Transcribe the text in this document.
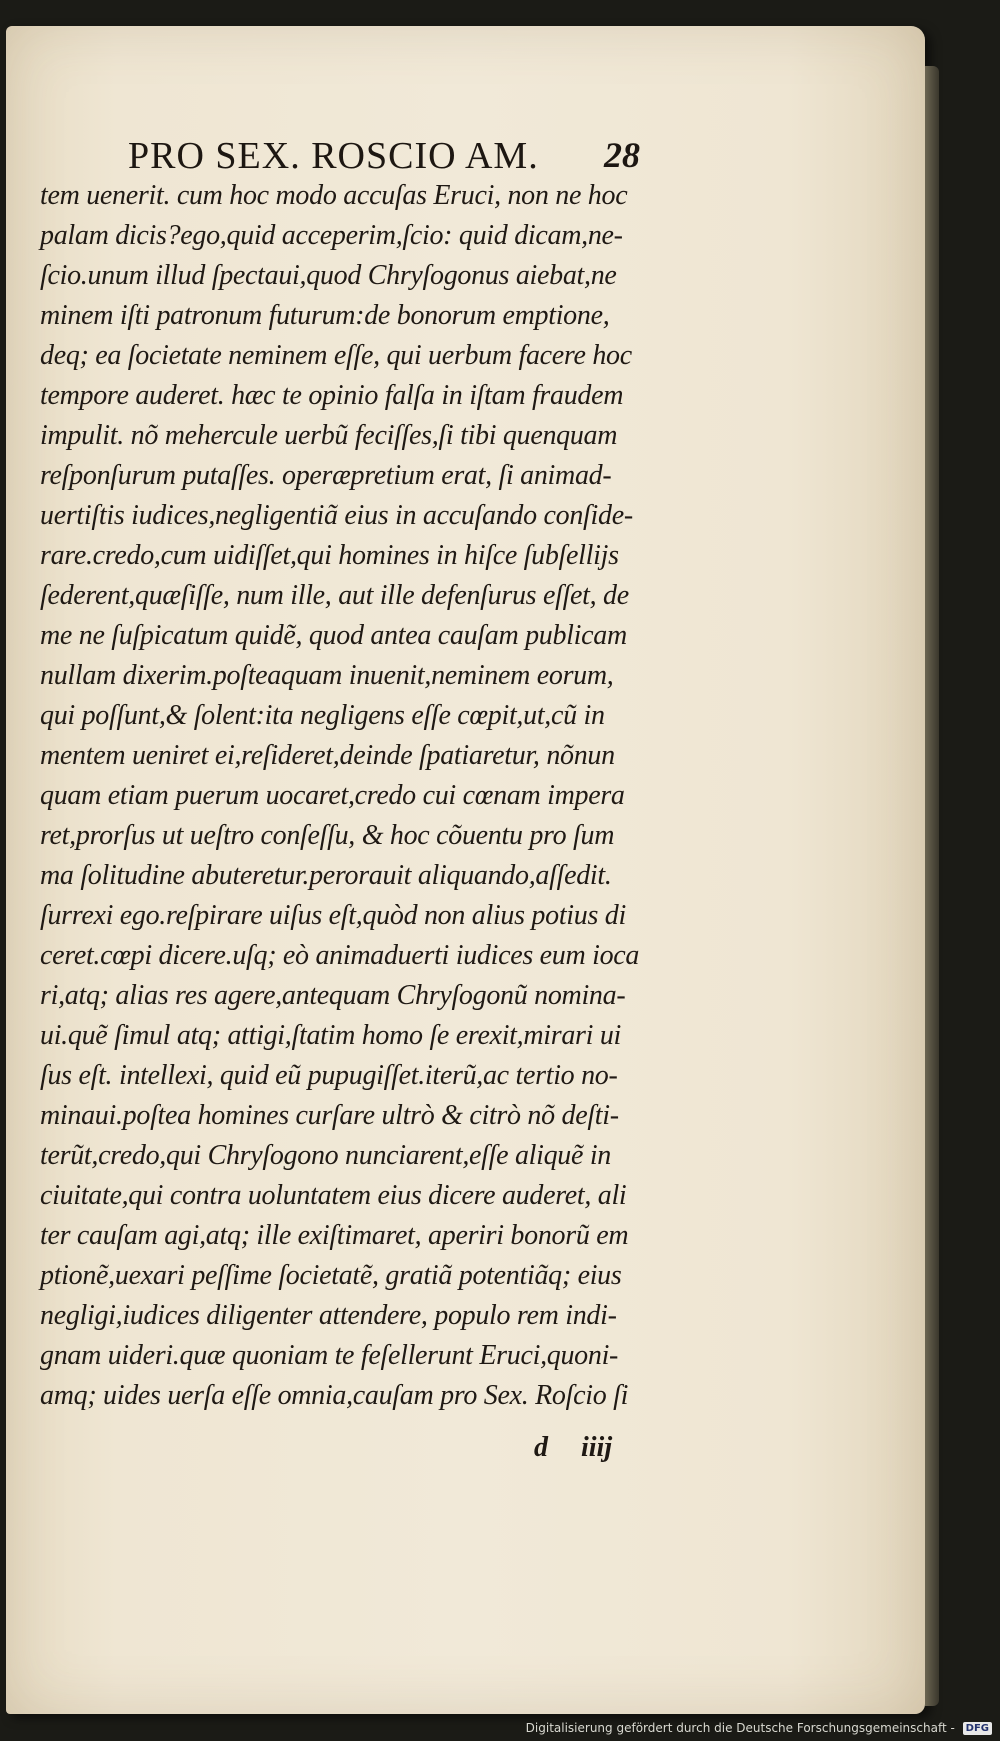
PRO SEX. ROSCIO AM.	28
tem uenerit. cum hoc modo accuſas Eruci, non ne hoc
palam dicis?ego,quid acceperim,ſcio: quid dicam,ne-
ſcio.unum illud ſpectaui,quod Chryſogonus aiebat,ne
minem iſti patronum futurum:de bonorum emptione,
deq; ea ſocietate neminem eſſe, qui uerbum facere hoc
tempore auderet. hæc te opinio falſa in iſtam fraudem
impulit. nõ mehercule uerbũ feciſſes,ſi tibi quenquam
reſponſurum putaſſes. operæpretium erat, ſi animad-
uertiſtis iudices,negligentiã eius in accuſando conſide-
rare.credo,cum uidiſſet,qui homines in hiſce ſubſellijs
ſederent,quæſiſſe, num ille, aut ille defenſurus eſſet, de
me ne ſuſpicatum quidẽ, quod antea cauſam publicam
nullam dixerim.poſteaquam inuenit,neminem eorum,
qui poſſunt,& ſolent:ita negligens eſſe cœpit,ut,cũ in
mentem ueniret ei,reſideret,deinde ſpatiaretur, nõnun
quam etiam puerum uocaret,credo cui cœnam impera
ret,prorſus ut ueſtro conſeſſu, & hoc cõuentu pro ſum
ma ſolitudine abuteretur.perorauit aliquando,aſſedit.
ſurrexi ego.reſpirare uiſus eſt,quòd non alius potius di
ceret.cœpi dicere.uſq; eò animaduerti iudices eum ioca
ri,atq; alias res agere,antequam Chryſogonũ nomina-
ui.quẽ ſimul atq; attigi,ſtatim homo ſe erexit,mirari ui
ſus eſt. intellexi, quid eũ pupugiſſet.iterũ,ac tertio no-
minaui.poſtea homines curſare ultrò & citrò nõ deſti-
terũt,credo,qui Chryſogono nunciarent,eſſe aliquẽ in
ciuitate,qui contra uoluntatem eius dicere auderet, ali
ter cauſam agi,atq; ille exiſtimaret, aperiri bonorũ em
ptionẽ,uexari peſſime ſocietatẽ, gratiã potentiãq; eius
negligi,iudices diligenter attendere, populo rem indi-
gnam uideri.quæ quoniam te feſellerunt Eruci,quoni-
amq; uides uerſa eſſe omnia,cauſam pro Sex. Roſcio ſi
d iiij
Digitalisierung gefördert durch die Deutsche Forschungsgemeinschaft - DFG
